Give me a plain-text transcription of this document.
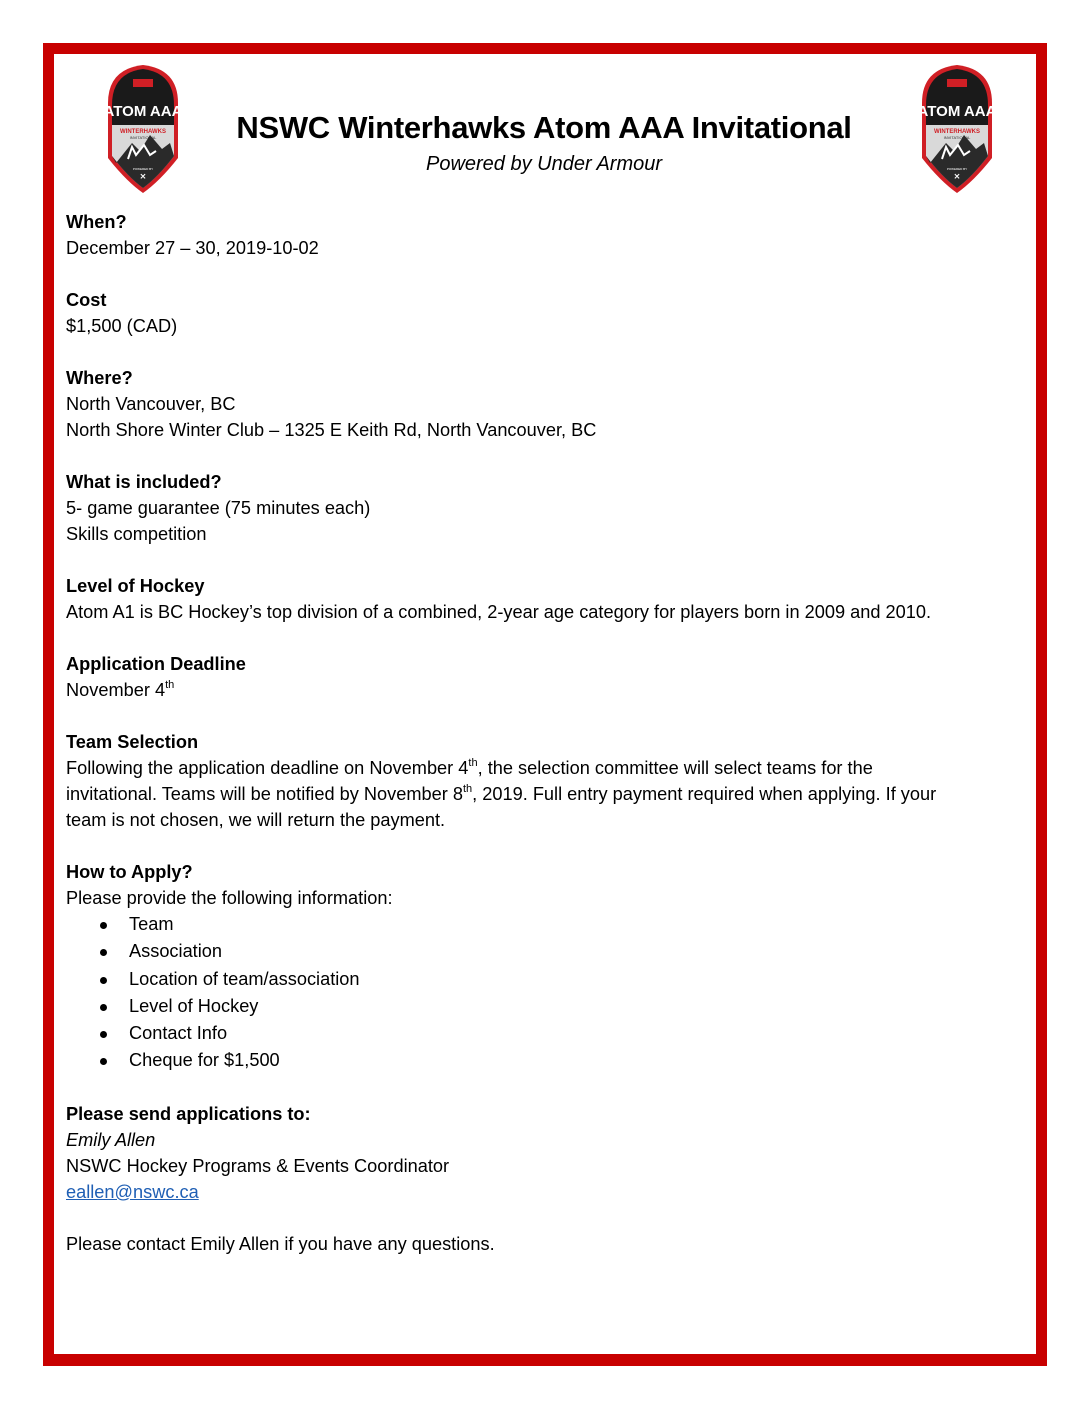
ATOM AAA
WINTERHAWKS
INVITATIONAL
POWERED BY
⨯
ATOM AAA
WINTERHAWKS
INVITATIONAL
POWERED BY
⨯
NSWC Winterhawks Atom AAA Invitational
Powered by Under Armour
When?
December 27 – 30, 2019-10-02
Cost
$1,500 (CAD)
Where?
North Vancouver, BC
North Shore Winter Club – 1325 E Keith Rd, North Vancouver, BC
What is included?
5- game guarantee (75 minutes each)
Skills competition
Level of Hockey
Atom A1 is BC Hockey’s top division of a combined, 2-year age category for players born in 2009 and 2010.
Application Deadline
November 4th
Team Selection
Following the application deadline on November 4th, the selection committee will select teams for the
invitational. Teams will be notified by November 8th, 2019. Full entry payment required when applying. If your
team is not chosen, we will return the payment.
How to Apply?
Please provide the following information:
Team
Association
Location of team/association
Level of Hockey
Contact Info
Cheque for $1,500
Please send applications to:
Emily Allen
NSWC Hockey Programs & Events Coordinator
eallen@nswc.ca
Please contact Emily Allen if you have any questions.
